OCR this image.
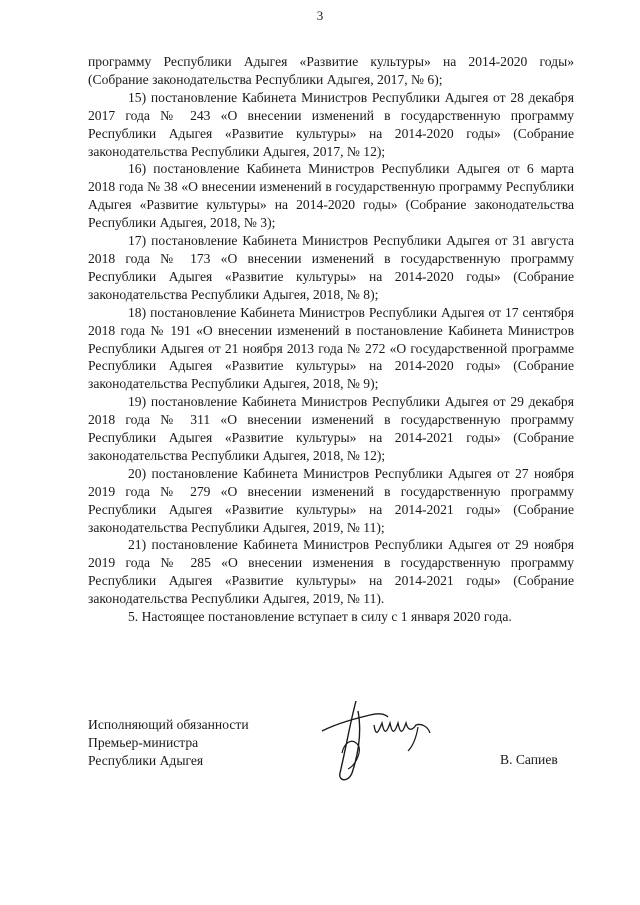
3

программу Республики Адыгея «Развитие культуры» на 2014-2020 годы» (Собрание законодательства Республики Адыгея, 2017, № 6);

15) постановление Кабинета Министров Республики Адыгея от 28 декабря 2017 года № 243 «О внесении изменений в государственную программу Республики Адыгея «Развитие культуры» на 2014-2020 годы» (Собрание законодательства Республики Адыгея, 2017, № 12);

16) постановление Кабинета Министров Республики Адыгея от 6 марта 2018 года № 38 «О внесении изменений в государственную программу Республики Адыгея «Развитие культуры» на 2014-2020 годы» (Собрание законодательства Республики Адыгея, 2018, № 3);

17) постановление Кабинета Министров Республики Адыгея от 31 августа 2018 года № 173 «О внесении изменений в государственную программу Республики Адыгея «Развитие культуры» на 2014-2020 годы» (Собрание законодательства Республики Адыгея, 2018, № 8);

18) постановление Кабинета Министров Республики Адыгея от 17 сентября 2018 года № 191 «О внесении изменений в постановление Кабинета Министров Республики Адыгея от 21 ноября 2013 года № 272 «О государственной программе Республики Адыгея «Развитие культуры» на 2014-2020 годы» (Собрание законодательства Республики Адыгея, 2018, № 9);

19) постановление Кабинета Министров Республики Адыгея от 29 декабря 2018 года № 311 «О внесении изменений в государственную программу Республики Адыгея «Развитие культуры» на 2014-2021 годы» (Собрание законодательства Республики Адыгея, 2018, № 12);

20) постановление Кабинета Министров Республики Адыгея от 27 ноября 2019 года № 279 «О внесении изменений в государственную программу Республики Адыгея «Развитие культуры» на 2014-2021 годы» (Собрание законодательства Республики Адыгея, 2019, № 11);

21) постановление Кабинета Министров Республики Адыгея от 29 ноября 2019 года № 285 «О внесении изменения в государственную программу Республики Адыгея «Развитие культуры» на 2014-2021 годы» (Собрание законодательства Республики Адыгея, 2019, № 11).

5. Настоящее постановление вступает в силу с 1 января 2020 года.

Исполняющий обязанности
Премьер-министра
Республики Адыгея	В. Сапиев
